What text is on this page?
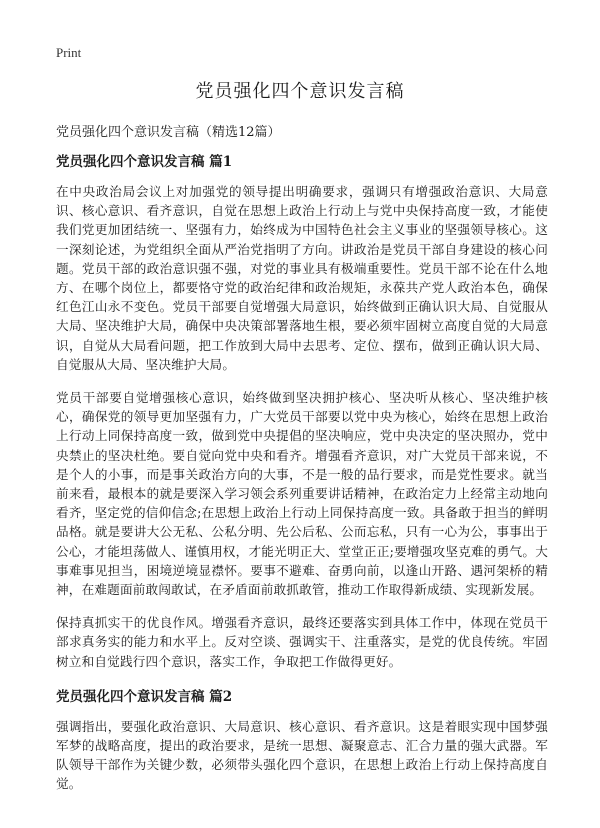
Print
党员强化四个意识发言稿

党员强化四个意识发言稿（精选12篇）

党员强化四个意识发言稿 篇1

在中央政治局会议上对加强党的领导提出明确要求，强调只有增强政治意识、大局意识、核心意识、看齐意识，自觉在思想上政治上行动上与党中央保持高度一致，才能使我们党更加团结统一、坚强有力，始终成为中国特色社会主义事业的坚强领导核心。这一深刻论述，为党组织全面从严治党指明了方向。讲政治是党员干部自身建设的核心问题。党员干部的政治意识强不强，对党的事业具有极端重要性。党员干部不论在什么地方、在哪个岗位上，都要恪守党的政治纪律和政治规矩，永葆共产党人政治本色，确保红色江山永不变色。党员干部要自觉增强大局意识，始终做到正确认识大局、自觉服从大局、坚决维护大局，确保中央决策部署落地生根，要必须牢固树立高度自觉的大局意识，自觉从大局看问题，把工作放到大局中去思考、定位、摆布，做到正确认识大局、自觉服从大局、坚决维护大局。

党员干部要自觉增强核心意识，始终做到坚决拥护核心、坚决听从核心、坚决维护核心，确保党的领导更加坚强有力，广大党员干部要以党中央为核心，始终在思想上政治上行动上同保持高度一致，做到党中央提倡的坚决响应，党中央决定的坚决照办，党中央禁止的坚决杜绝。要自觉向党中央和看齐。增强看齐意识，对广大党员干部来说，不是个人的小事，而是事关政治方向的大事，不是一般的品行要求，而是党性要求。就当前来看，最根本的就是要深入学习领会系列重要讲话精神，在政治定力上经常主动地向看齐，坚定党的信仰信念;在思想上政治上行动上同保持高度一致。具备敢于担当的鲜明品格。就是要讲大公无私、公私分明、先公后私、公而忘私，只有一心为公，事事出于公心，才能坦荡做人、谨慎用权，才能光明正大、堂堂正正;要增强攻坚克难的勇气。大事难事见担当，困境逆境显襟怀。要事不避难、奋勇向前，以逢山开路、遇河架桥的精神，在难题面前敢闯敢试，在矛盾面前敢抓敢管，推动工作取得新成绩、实现新发展。

保持真抓实干的优良作风。增强看齐意识，最终还要落实到具体工作中，体现在党员干部求真务实的能力和水平上。反对空谈、强调实干、注重落实，是党的优良传统。牢固树立和自觉践行四个意识，落实工作，争取把工作做得更好。

党员强化四个意识发言稿 篇2

强调指出，要强化政治意识、大局意识、核心意识、看齐意识。这是着眼实现中国梦强军梦的战略高度，提出的政治要求，是统一思想、凝聚意志、汇合力量的强大武器。军队领导干部作为关键少数，必须带头强化四个意识，在思想上政治上行动上保持高度自觉。
